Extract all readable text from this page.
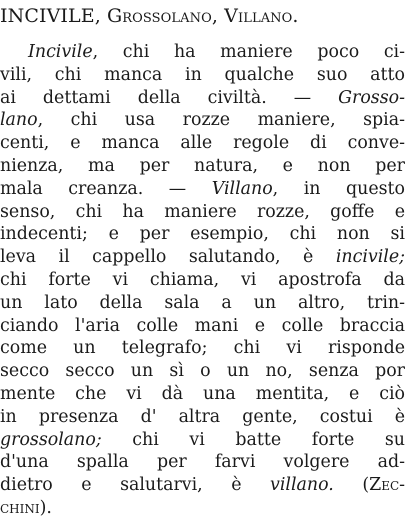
INCIVILE, Grossolano, Villano.
Incivile, chi ha maniere poco ci-
vili, chi manca in qualche suo atto
ai dettami della civiltà. — Grosso-
lano, chi usa rozze maniere, spia-
centi, e manca alle regole di conve-
nienza, ma per natura, e non per
mala creanza. — Villano, in questo
senso, chi ha maniere rozze, goffe e
indecenti; e per esempio, chi non si
leva il cappello salutando, è incivile;
chi forte vi chiama, vi apostrofa da
un lato della sala a un altro, trin-
ciando l'aria colle mani e colle braccia
come un telegrafo; chi vi risponde
secco secco un sì o un no, senza por
mente che vi dà una mentita, e ciò
in presenza d' altra gente, costui è
grossolano; chi vi batte forte su
d'una spalla per farvi volgere ad-
dietro e salutarvi, è villano. (Zec-
chini).
